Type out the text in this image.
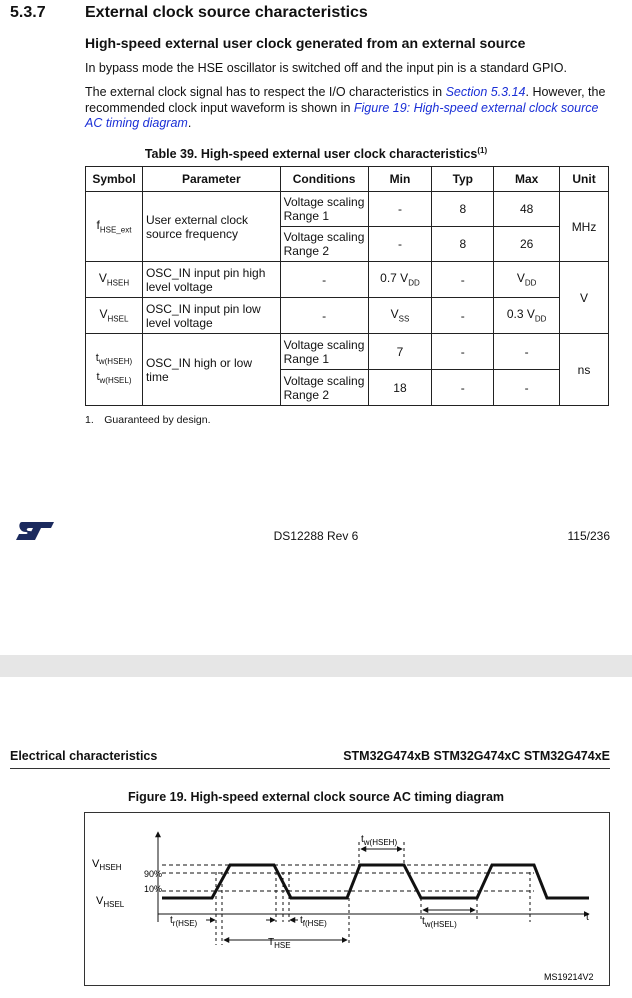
5.3.7 External clock source characteristics
High-speed external user clock generated from an external source
In bypass mode the HSE oscillator is switched off and the input pin is a standard GPIO.
The external clock signal has to respect the I/O characteristics in Section 5.3.14. However, the recommended clock input waveform is shown in Figure 19: High-speed external clock source AC timing diagram.
Table 39. High-speed external user clock characteristics$^{(1)}$
Symbol	Parameter	Conditions	Min	Typ	Max	Unit
$f_{HSE\_ext}$	User external clock source frequency	Voltage scaling Range 1	-	8	48	MHz
		Voltage scaling Range 2	-	8	26	
$V_{HSEH}$	OSC_IN input pin high level voltage	-	0.7 $V_{DD}$	-	$V_{DD}$	V
$V_{HSEL}$	OSC_IN input pin low level voltage	-	$V_{SS}$	-	0.3 $V_{DD}$

$t_{w(HSEH)}$
$t_{w(HSEL)}$	OSC_IN high or low time	Voltage scaling Range 1	7	-	-	ns
		Voltage scaling Range 2	18	-	-	
1. Guaranteed by design.
DS12288 Rev 6	115/236
Electrical characteristics	STM32G474xB STM32G474xC STM32G474xE
Figure 19. High-speed external clock source AC timing diagram
$V_{HSEH}$
$V_{HSEL}$
90%
10%
t
$t_{w(HSEH)}$
$t_{w(HSEL)}$
$t_{r(HSE)}$	$t_{f(HSE)}$
$T_{HSE}$
MS19214V2
